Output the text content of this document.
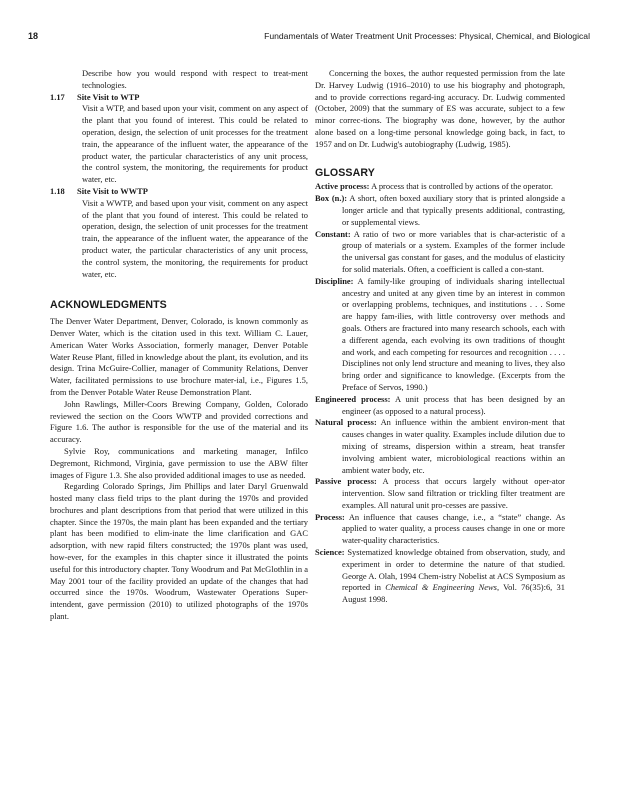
18	Fundamentals of Water Treatment Unit Processes: Physical, Chemical, and Biological

Describe how you would respond with respect to treat-ment technologies.

1.17 Site Visit to WTP

Visit a WTP, and based upon your visit, comment on any aspect of the plant that you found of interest. This could be related to operation, design, the selection of unit processes for the treatment train, the appearance of the influent water, the appearance of the product water, the particular characteristics of any unit process, the control system, the monitoring, the requirements for product water, etc.

1.18 Site Visit to WWTP

Visit a WWTP, and based upon your visit, comment on any aspect of the plant that you found of interest. This could be related to operation, design, the selection of unit processes for the treatment train, the appearance of the influent water, the appearance of the product water, the particular characteristics of any unit process, the control system, the monitoring, the requirements for product water, etc.

ACKNOWLEDGMENTS

The Denver Water Department, Denver, Colorado, is known commonly as Denver Water, which is the citation used in this text. William C. Lauer, American Water Works Association, formerly manager, Denver Potable Water Reuse Plant, filled in knowledge about the plant, its evolution, and its design. Trina McGuire-Collier, manager of Community Relations, Denver Water, facilitated permissions to use brochure mater-ial, i.e., Figures 1.5, from the Denver Potable Water Reuse Demonstration Plant.

John Rawlings, Miller-Coors Brewing Company, Golden, Colorado reviewed the section on the Coors WWTP and provided corrections and Figure 1.6. The author is responsible for the use of the material and its accuracy.

Sylvie Roy, communications and marketing manager, Infilco Degremont, Richmond, Virginia, gave permission to use the ABW filter images of Figure 1.3. She also provided additional images to use as needed.

Regarding Colorado Springs, Jim Phillips and later Daryl Gruenwald hosted many class field trips to the plant during the 1970s and provided brochures and plant descriptions from that period that were utilized in this chapter. Since the 1970s, the main plant has been expanded and the tertiary plant has been modified to elim-inate the lime clarification and GAC adsorption, with new rapid filters constructed; the 1970s plant was used, how-ever, for the examples in this chapter since it illustrated the points useful for this introductory chapter. Tony Woodrum and Pat McGlothlin in a May 2001 tour of the facility provided an update of the changes that had occurred since the 1970s. Woodrum, Wastewater Operations Super-intendent, gave permission (2010) to utilized photographs of the 1970s plant.

Concerning the boxes, the author requested permission from the late Dr. Harvey Ludwig (1916–2010) to use his biography and photograph, and to provide corrections regard-ing accuracy. Dr. Ludwig commented (October, 2009) that the summary of ES was accurate, subject to a few minor correc-tions. The biography was done, however, by the author alone based on a long-time personal knowledge going back, in fact, to 1957 and on Dr. Ludwig's autobiography (Ludwig, 1985).

GLOSSARY

Active process: A process that is controlled by actions of the operator.

Box (n.): A short, often boxed auxiliary story that is printed alongside a longer article and that typically presents additional, contrasting, or supplemental views.

Constant: A ratio of two or more variables that is char-acteristic of a group of materials or a system. Examples of the former include the universal gas constant for gases, and the modulus of elasticity for solid materials. Often, a coefficient is called a con-stant.

Discipline: A family-like grouping of individuals sharing intellectual ancestry and united at any given time by an interest in common or overlapping problems, techniques, and institutions . . . Some are happy fam-ilies, with little controversy over methods and goals. Others are fractured into many research schools, each with a different agenda, each evolving its own traditions of thought and work, and each competing for resources and recognition . . . . Disciplines not only lend structure and meaning to lives, they also bring order and significance to knowledge. (Excerpts from the Preface of Servos, 1990.)

Engineered process: A unit process that has been designed by an engineer (as opposed to a natural process).

Natural process: An influence within the ambient environ-ment that causes changes in water quality. Examples include dilution due to mixing of streams, dispersion within a stream, heat transfer involving ambient water, microbiological reactions within an ambient water body, etc.

Passive process: A process that occurs largely without oper-ator intervention. Slow sand filtration or trickling filter treatment are examples. All natural unit pro-cesses are passive.

Process: An influence that causes change, i.e., a “state” change. As applied to water quality, a process causes change in one or more water-quality characteristics.

Science: Systematized knowledge obtained from observation, study, and experiment in order to determine the nature of that studied. George A. Olah, 1994 Chem-istry Nobelist at ACS Symposium as reported in Chemical & Engineering News, Vol. 76(35):6, 31 August 1998.
